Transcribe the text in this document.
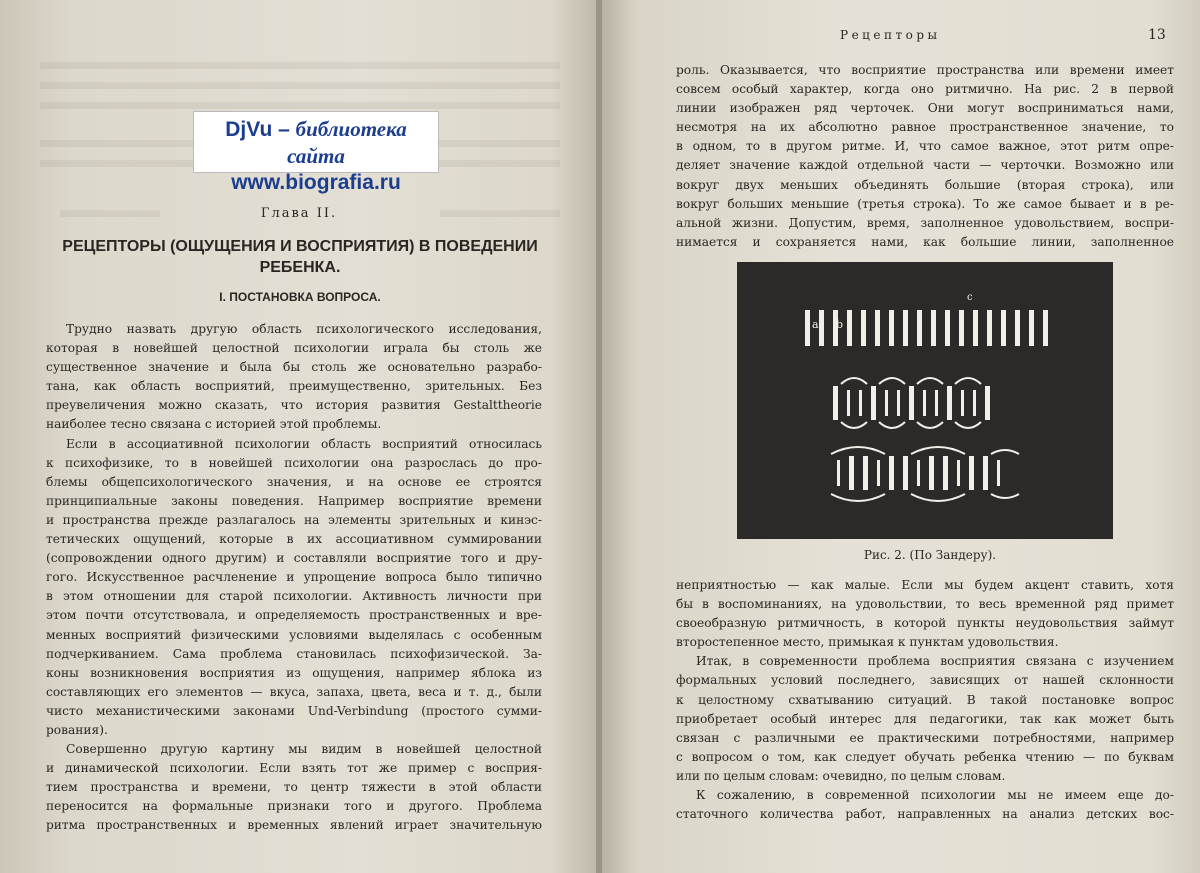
DjVu – библиотека сайта
www.biografia.ru
Глава II.
РЕЦЕПТОРЫ (ОЩУЩЕНИЯ И ВОСПРИЯТИЯ) В ПОВЕДЕНИИ
РЕБЕНКА.
I. ПОСТАНОВКА ВОПРОСА.
Трудно назвать другую область психологического исследования,
которая в новейшей целостной психологии играла бы столь же
существенное значение и была бы столь же основательно разрабо-
тана, как область восприятий, преимущественно, зрительных. Без
преувеличения можно сказать, что история развития Gestalttheorie
наиболее тесно связана с историей этой проблемы.
Если в ассоциативной психологии область восприятий относилась
к психофизике, то в новейшей психологии она разрослась до про-
блемы общепсихологического значения, и на основе ее строятся
принципиальные законы поведения. Например восприятие времени
и пространства прежде разлагалось на элементы зрительных и кинэс-
тетических ощущений, которые в их ассоциативном суммировании
(сопровождении одного другим) и составляли восприятие того и дру-
гого. Искусственное расчленение и упрощение вопроса было типично
в этом отношении для старой психологии. Активность личности при
этом почти отсутствовала, и определяемость пространственных и вре-
менных восприятий физическими условиями выделялась с особенным
подчеркиванием. Сама проблема становилась психофизической. За-
коны возникновения восприятия из ощущения, например яблока из
составляющих его элементов — вкуса, запаха, цвета, веса и т. д., были
чисто механистическими законами Und-Verbindung (простого сумми-
рования).
Совершенно другую картину мы видим в новейшей целостной
и динамической психологии. Если взять тот же пример с восприя-
тием пространства и времени, то центр тяжести в этой области
переносится на формальные признаки того и другого. Проблема
ритма пространственных и временных явлений играет значительную
Рецепторы	13
роль. Оказывается, что восприятие пространства или времени имеет
совсем особый характер, когда оно ритмично. На рис. 2 в первой
линии изображен ряд черточек. Они могут восприниматься нами,
несмотря на их абсолютно равное пространственное значение, то
в одном, то в другом ритме. И, что самое важное, этот ритм опре-
деляет значение каждой отдельной части — черточки. Возможно или
вокруг двух меньших объединять большие (вторая строка), или
вокруг больших меньшие (третья строка). То же самое бывает и в ре-
альной жизни. Допустим, время, заполненное удовольствием, воспри-
нимается и сохраняется нами, как большие линии, заполненное
a b
c
Рис. 2. (По Зандеру).
неприятностью — как малые. Если мы будем акцент ставить, хотя
бы в воспоминаниях, на удовольствии, то весь временной ряд примет
своеобразную ритмичность, в которой пункты неудовольствия займут
второстепенное место, примыкая к пунктам удовольствия.
Итак, в современности проблема восприятия связана с изучением
формальных условий последнего, зависящих от нашей склонности
к целостному схватыванию ситуаций. В такой постановке вопрос
приобретает особый интерес для педагогики, так как может быть
связан с различными ее практическими потребностями, например
с вопросом о том, как следует обучать ребенка чтению — по буквам
или по целым словам: очевидно, по целым словам.
К сожалению, в современной психологии мы не имеем еще до-
статочного количества работ, направленных на анализ детских вос-
